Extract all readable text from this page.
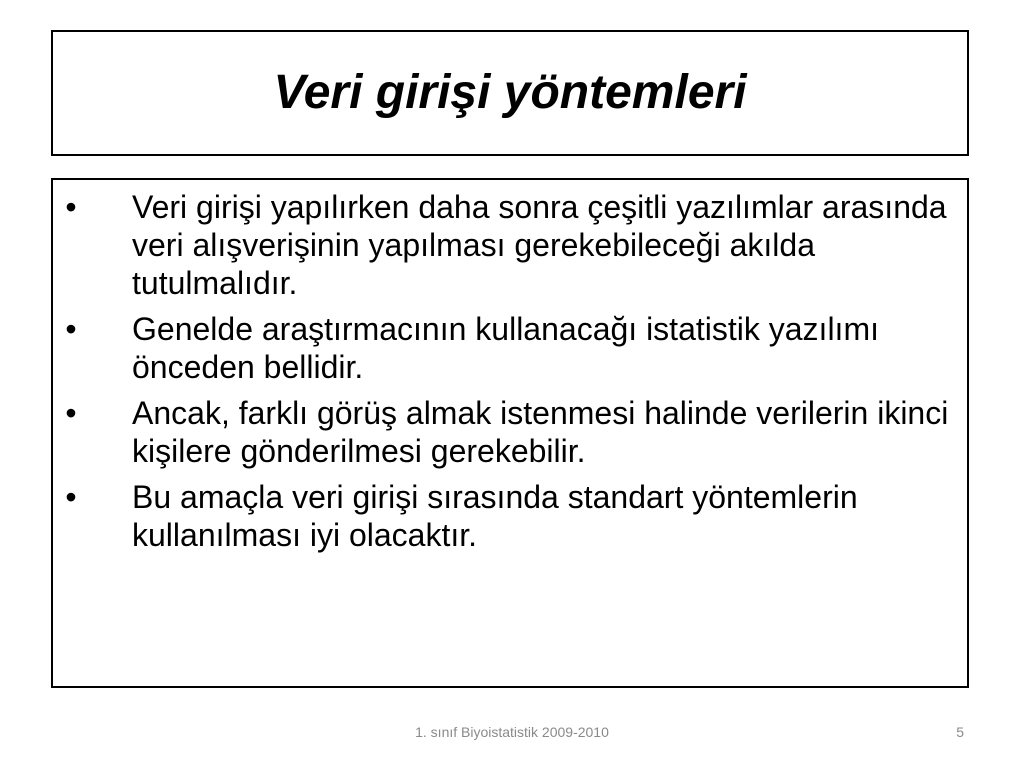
Veri girişi yöntemleri
• Veri girişi yapılırken daha sonra çeşitli yazılımlar arasında veri alışverişinin yapılması gerekebileceği akılda tutulmalıdır.
• Genelde araştırmacının kullanacağı istatistik yazılımı önceden bellidir.
• Ancak, farklı görüş almak istenmesi halinde verilerin ikinci kişilere gönderilmesi gerekebilir.
• Bu amaçla veri girişi sırasında standart yöntemlerin kullanılması iyi olacaktır.
1. sınıf Biyoistatistik 2009-2010	5
